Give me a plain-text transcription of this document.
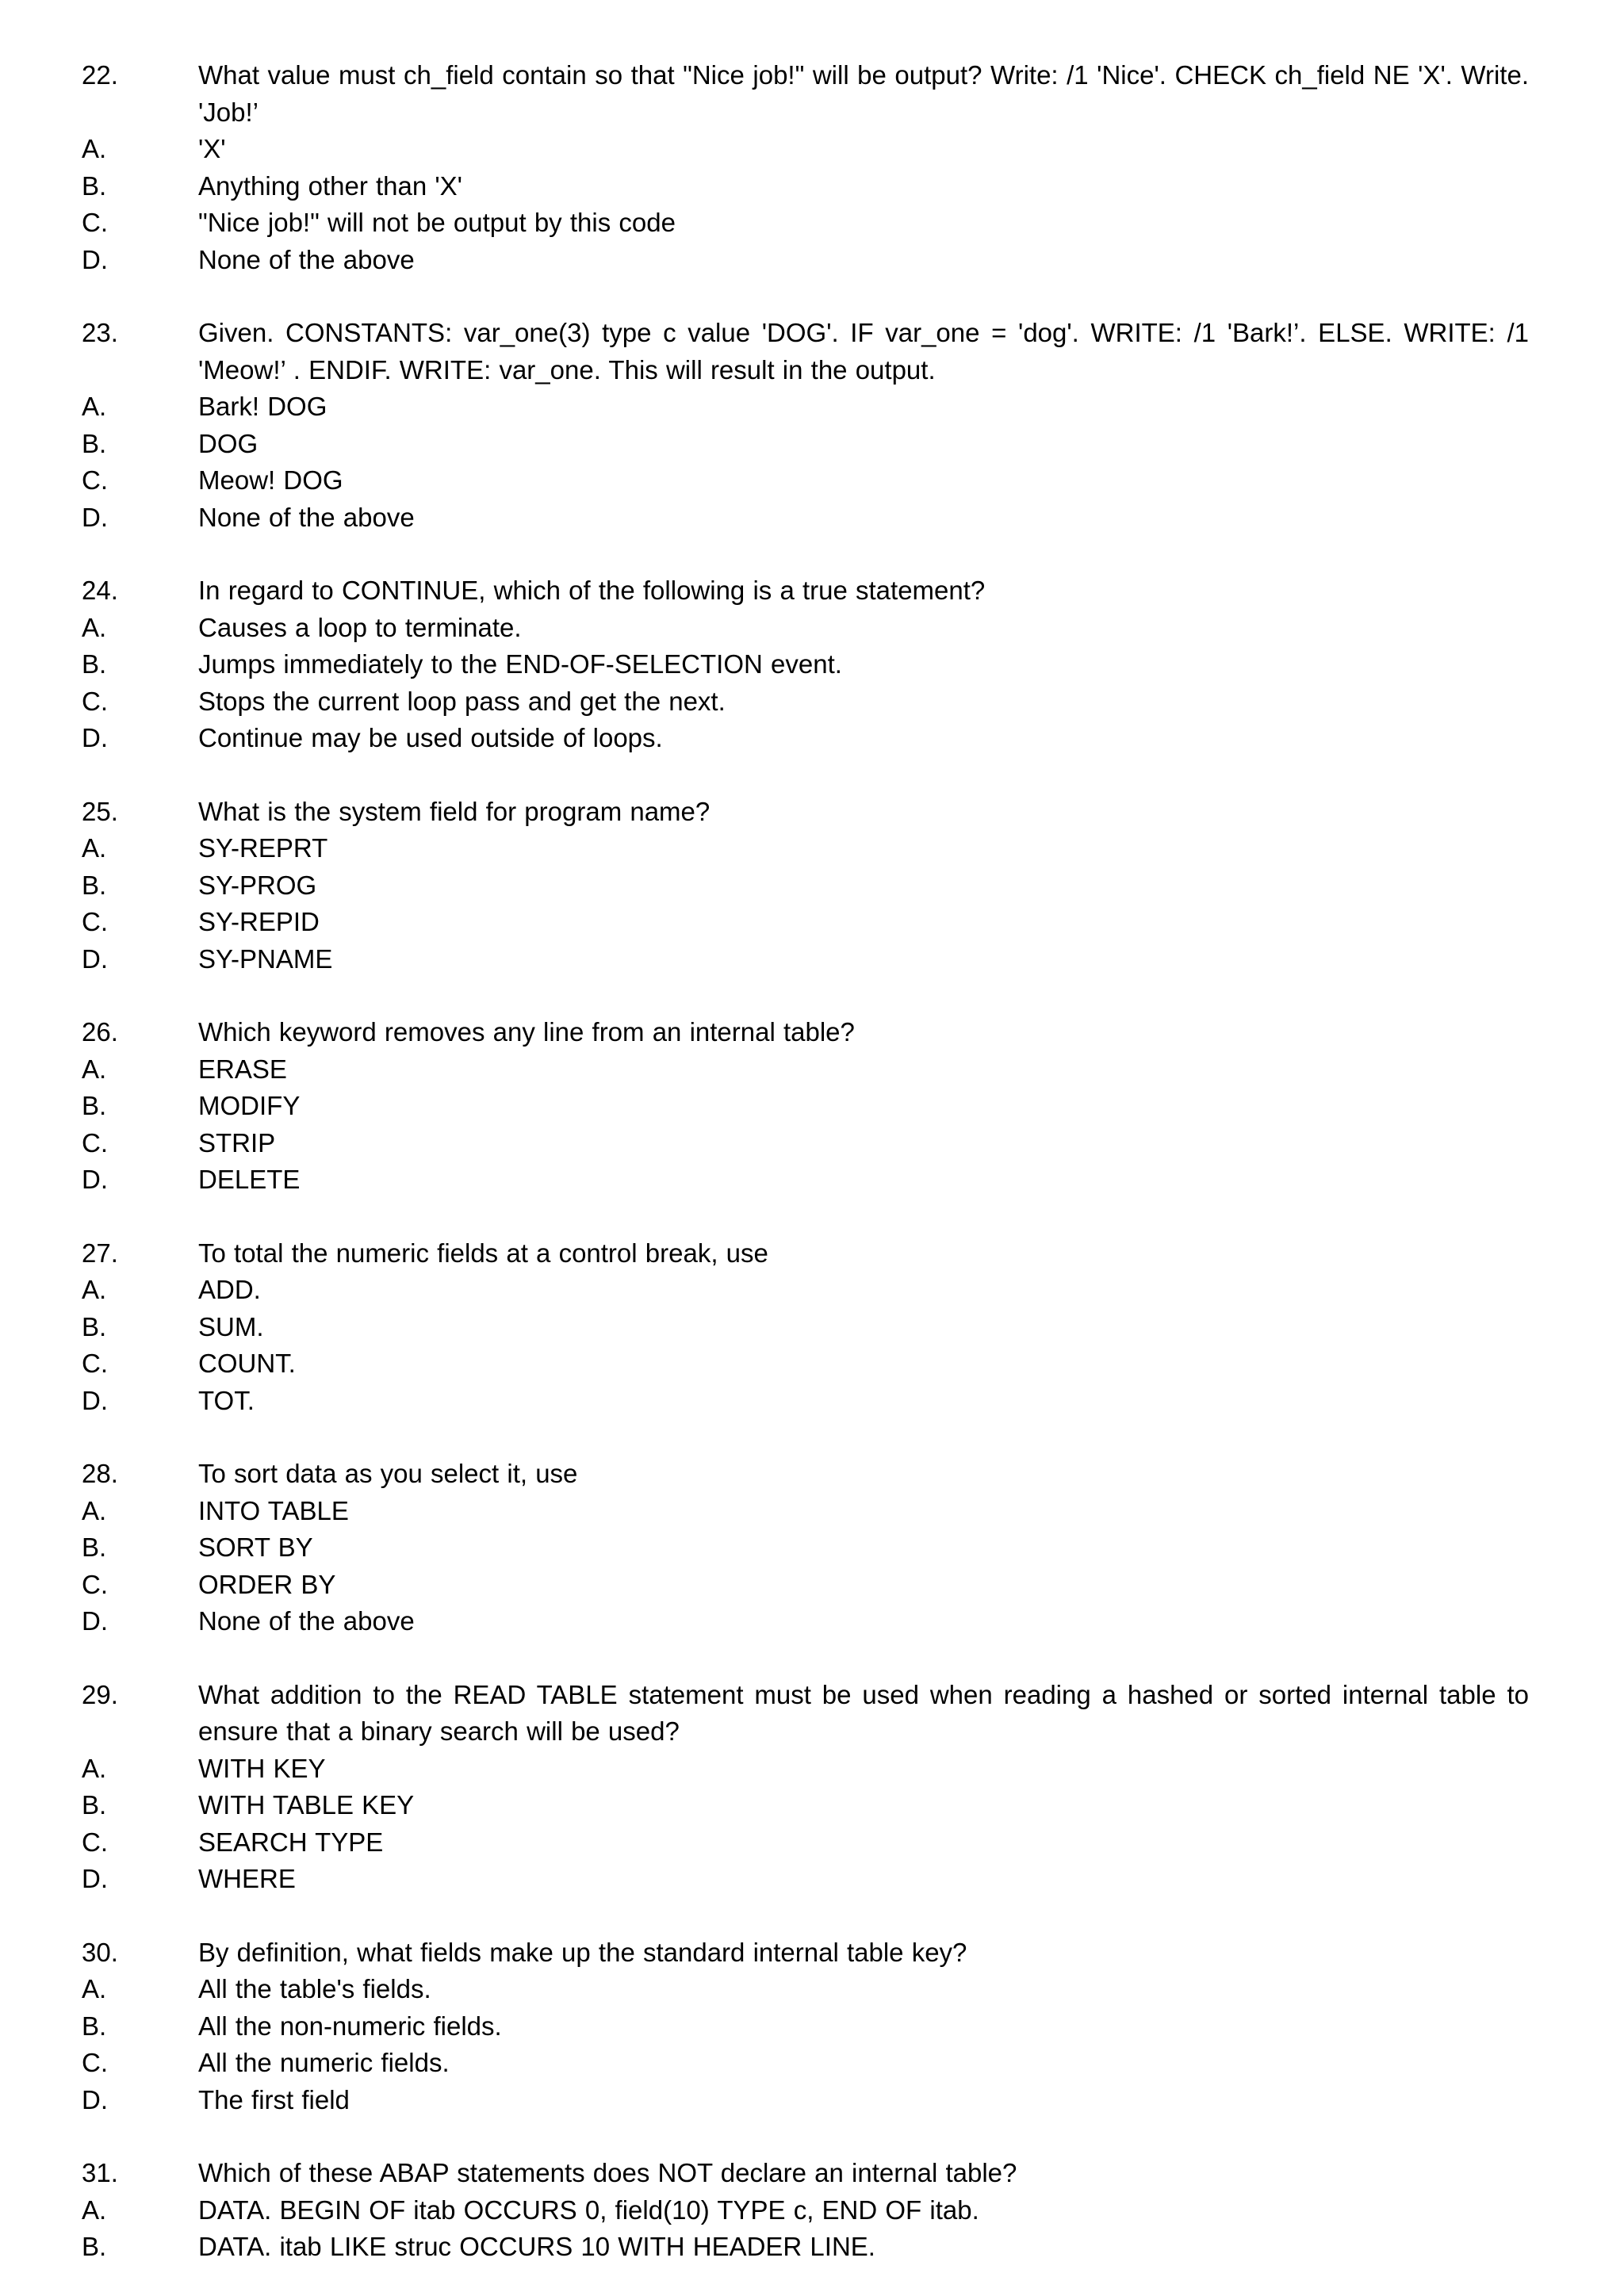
22.	What value must ch_field contain so that "Nice job!" will be output? Write: /1 'Nice'. CHECK ch_field NE 'X'. Write. 'Job!’
A.	'X'
B.	Anything other than 'X'
C.	"Nice job!" will not be output by this code
D.	None of the above
23.	Given. CONSTANTS: var_one(3) type c value 'DOG'. IF var_one = 'dog'. WRITE: /1 'Bark!’. ELSE. WRITE: /1 'Meow!’ . ENDIF. WRITE: var_one. This will result in the output.
A.	Bark! DOG
B.	DOG
C.	Meow! DOG
D.	None of the above
24.	In regard to CONTINUE, which of the following is a true statement?
A.	Causes a loop to terminate.
B.	Jumps immediately to the END-OF-SELECTION event.
C.	Stops the current loop pass and get the next.
D.	Continue may be used outside of loops.
25.	What is the system field for program name?
A.	SY-REPRT
B.	SY-PROG
C.	SY-REPID
D.	SY-PNAME
26.	Which keyword removes any line from an internal table?
A.	ERASE
B.	MODIFY
C.	STRIP
D.	DELETE
27.	To total the numeric fields at a control break, use
A.	ADD.
B.	SUM.
C.	COUNT.
D.	TOT.
28.	To sort data as you select it, use
A.	INTO TABLE
B.	SORT BY
C.	ORDER BY
D.	None of the above
29.	What addition to the READ TABLE statement must be used when reading a hashed or sorted internal table to ensure that a binary search will be used?
A.	WITH KEY
B.	WITH TABLE KEY
C.	SEARCH TYPE
D.	WHERE
30.	By definition, what fields make up the standard internal table key?
A.	All the table's fields.
B.	All the non-numeric fields.
C.	All the numeric fields.
D.	The first field
31.	Which of these ABAP statements does NOT declare an internal table?
A.	DATA. BEGIN OF itab OCCURS 0, field(10) TYPE c, END OF itab.
B.	DATA. itab LIKE struc OCCURS 10 WITH HEADER LINE.
